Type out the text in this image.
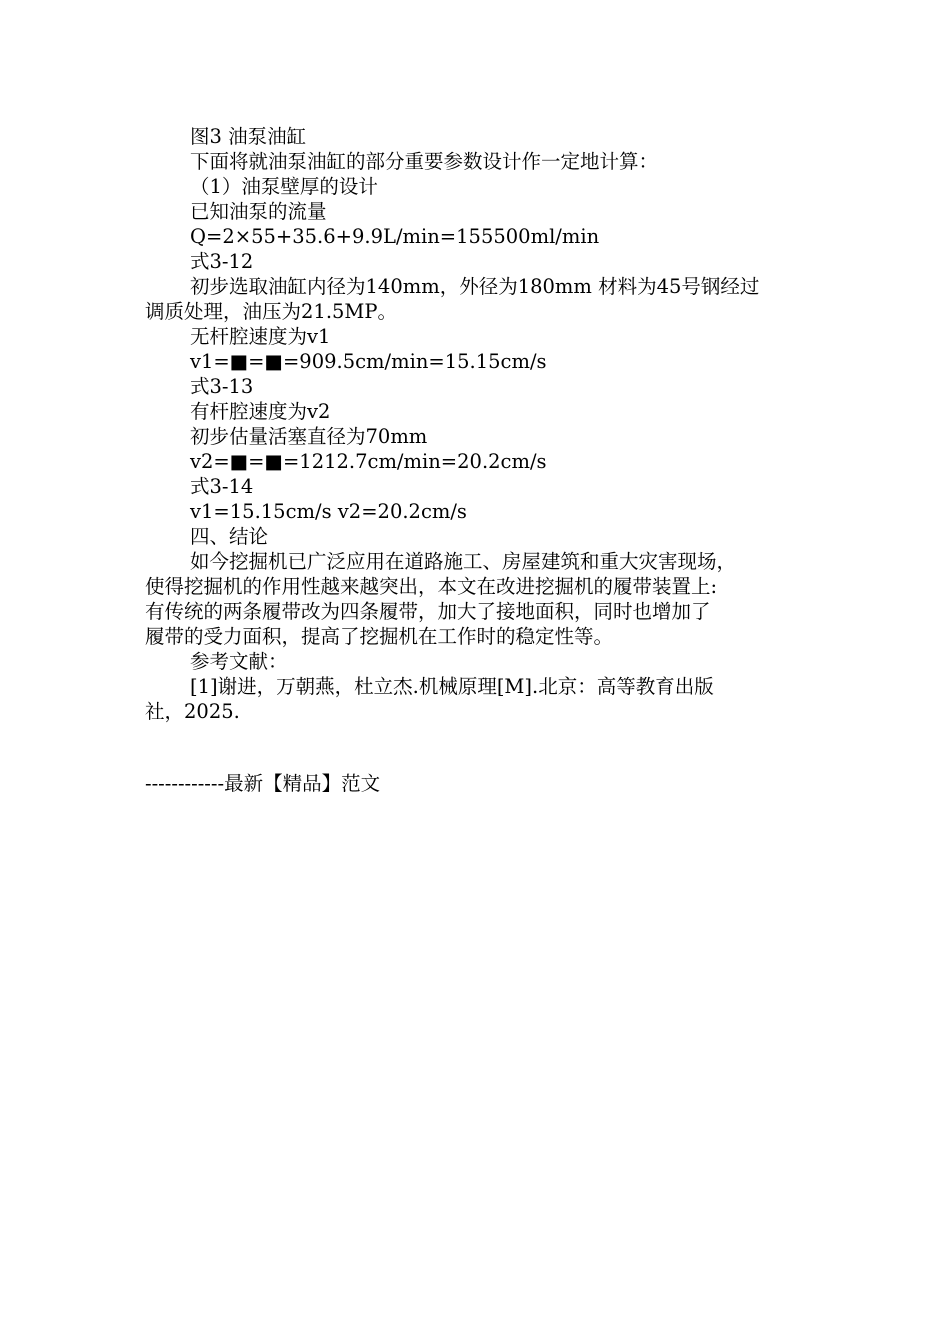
图3 油泵油缸
下面将就油泵油缸的部分重要参数设计作一定地计算：
（1）油泵壁厚的设计
已知油泵的流量
Q=2×55+35.6+9.9L/min=155500ml/min
式3-12
初步选取油缸内径为140mm，外径为180mm 材料为45号钢经过
调质处理，油压为21.5MP。
无杆腔速度为v1
v1=■=■=909.5cm/min=15.15cm/s
式3-13
有杆腔速度为v2
初步估量活塞直径为70mm
v2=■=■=1212.7cm/min=20.2cm/s
式3-14
v1=15.15cm/s v2=20.2cm/s
四、结论
如今挖掘机已广泛应用在道路施工、房屋建筑和重大灾害现场，
使得挖掘机的作用性越来越突出，本文在改进挖掘机的履带装置上:
有传统的两条履带改为四条履带，加大了接地面积，同时也增加了
履带的受力面积，提高了挖掘机在工作时的稳定性等。
参考文献：
[1]谢进，万朝燕，杜立杰.机械原理[M].北京：高等教育出版
社，2025.
------------最新【精品】范文
